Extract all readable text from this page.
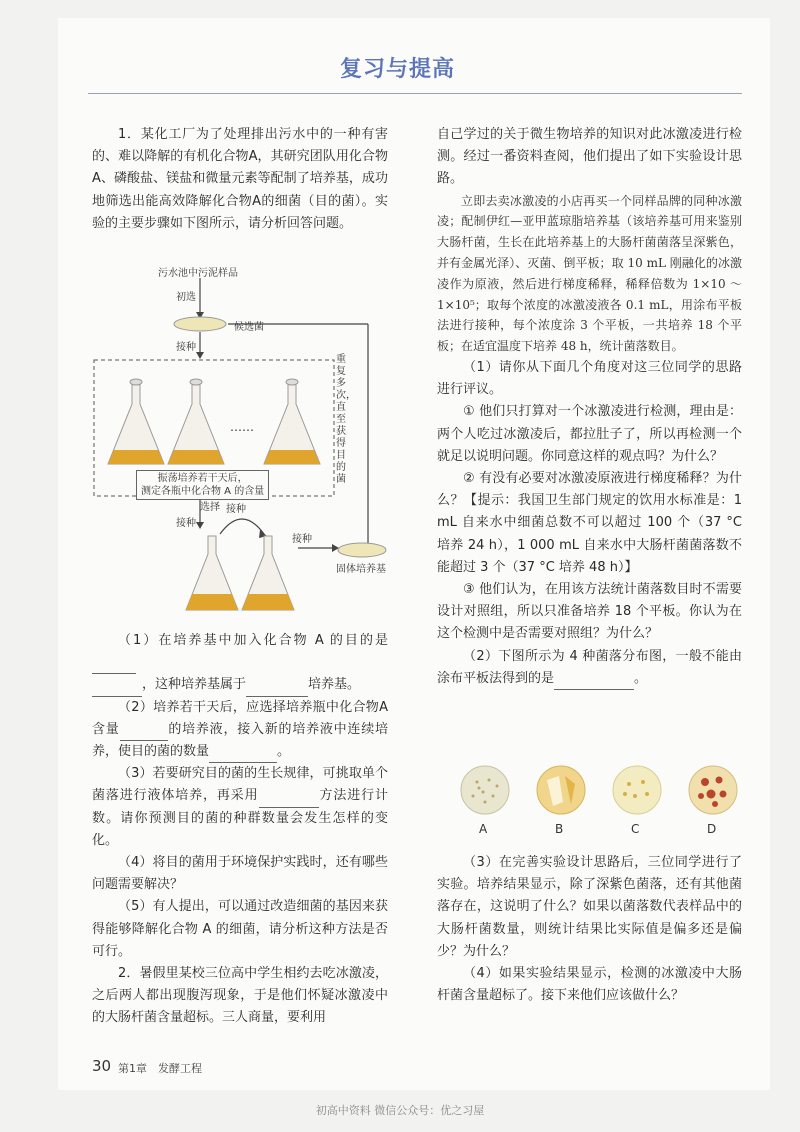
复习与提高

1．某化工厂为了处理排出污水中的一种有害的、难以降解的有机化合物A，其研究团队用化合物A、磷酸盐、镁盐和微量元素等配制了培养基，成功地筛选出能高效降解化合物A的细菌（目的菌）。实验的主要步骤如下图所示，请分析回答问题。

污水池中污泥样品
初选
候选菌
接种
……
振荡培养若干天后，
测定各瓶中化合物 A 的含量
重复多次，直至获得目的菌
选择 接种
接种
接种
固体培养基

（1）在培养基中加入化合物 A 的目的是
，这种培养基属于	培养基。

（2）培养若干天后，应选择培养瓶中化合物A 含量	的培养液，接入新的培养液中连续培养，使目的菌的数量	。

（3）若要研究目的菌的生长规律，可挑取单个菌落进行液体培养，再采用	方法进行计数。请你预测目的菌的种群数量会发生怎样的变化。

（4）将目的菌用于环境保护实践时，还有哪些问题需要解决？

（5）有人提出，可以通过改造细菌的基因来获得能够降解化合物 A 的细菌，请分析这种方法是否可行。

2．暑假里某校三位高中学生相约去吃冰激凌，之后两人都出现腹泻现象，于是他们怀疑冰激凌中的大肠杆菌含量超标。三人商量，要利用

自己学过的关于微生物培养的知识对此冰激凌进行检测。经过一番资料查阅，他们提出了如下实验设计思路。

立即去卖冰激凌的小店再买一个同样品牌的同种冰激凌；配制伊红—亚甲蓝琼脂培养基（该培养基可用来鉴别大肠杆菌，生长在此培养基上的大肠杆菌菌落呈深紫色，并有金属光泽）、灭菌、倒平板；取 10 mL 刚融化的冰激凌作为原液，然后进行梯度稀释，稀释倍数为 1×10 ～ 1×10⁵；取每个浓度的冰激凌液各 0.1 mL，用涂布平板法进行接种，每个浓度涂 3 个平板，一共培养 18 个平板；在适宜温度下培养 48 h，统计菌落数目。

（1）请你从下面几个角度对这三位同学的思路进行评议。

① 他们只打算对一个冰激凌进行检测，理由是：两个人吃过冰激凌后，都拉肚子了，所以再检测一个就足以说明问题。你同意这样的观点吗？为什么？

② 有没有必要对冰激凌原液进行梯度稀释？为什么？【提示：我国卫生部门规定的饮用水标准是：1 mL 自来水中细菌总数不可以超过 100 个（37 °C 培养 24 h），1 000 mL 自来水中大肠杆菌菌落数不能超过 3 个（37 °C 培养 48 h）】

③ 他们认为，在用该方法统计菌落数目时不需要设计对照组，所以只准备培养 18 个平板。你认为在这个检测中是否需要对照组？为什么？

（2）下图所示为 4 种菌落分布图，一般不能由涂布平板法得到的是	。

A	B	C	D

（3）在完善实验设计思路后，三位同学进行了实验。培养结果显示，除了深紫色菌落，还有其他菌落存在，这说明了什么？如果以菌落数代表样品中的大肠杆菌数量，则统计结果比实际值是偏多还是偏少？为什么？

（4）如果实验结果显示，检测的冰激凌中大肠杆菌含量超标了。接下来他们应该做什么？

30 第1章　发酵工程
初高中资料 微信公众号：优之习屋
